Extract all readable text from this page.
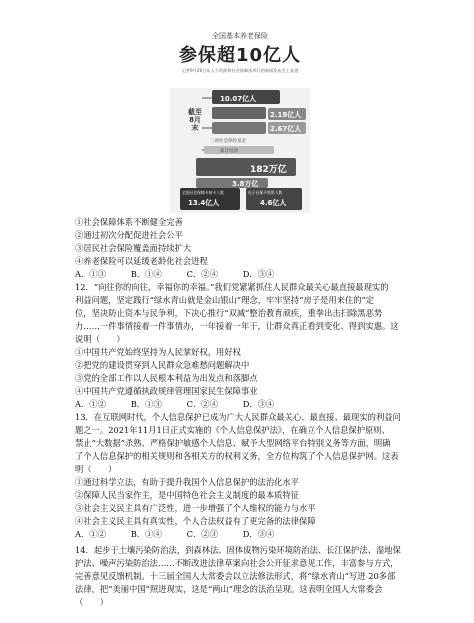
全国基本养老保险
参保超10亿人
记者9月26日从人力资源和社会保障部举行的新闻发布会上获悉
截至8月末
10.07亿人
2.18亿人
2.67亿人
三项社会保险基金
累计结余
182万亿
3.8万亿
全国社会保障卡持卡人数
13.4亿人
电子社保卡领用人数
4.6亿人
①社会保障体系不断健全完善
②通过初次分配促进社会公平
③居民社会保险覆盖面持续扩大
④养老保险可以延缓老龄化社会进程
A．①③　　　B．①④　　　C．②④　　　D．③④
12．“向往你的向往，幸福你的幸福。”我们党紧紧抓住人民群众最关心最直接最现实的
利益问题，坚定践行“绿水青山就是金山银山”理念，牢牢坚持“房子是用来住的”定
位，坚决防止资本与民争利，下决心推行“双减”整治教育顽疾，重拳出击扫除黑恶势
力……一件事情接着一件事情办，一年接着一年干，让群众真正看到变化、得到实惠。这
说明（　　）
①中国共产党始终坚持为人民掌好权，用好权
②把党的建设贯穿到人民群众急难愁问题解决中
③党的全部工作以人民根本利益为出发点和落脚点
④中国共产党遵循执政规律管理国家民生保障事业
A．①②　　　B．①③　　　C．②④　　　D．③④
13．在互联网时代，个人信息保护已成为广大人民群众最关心、最直接、最现实的利益问
题之一。2021年11月1日正式实施的《个人信息保护法》，在确立个人信息保护原则、
禁止“大数据”杀熟、严格保护敏感个人信息、赋予大型网络平台特别义务等方面，明确
了个人信息保护的相关规则和各相关方的权利义务，全方位构筑了个人信息保护网。这表
明（　　）
①通过科学立法，有助于提升我国个人信息保护的法治化水平
②保障人民当家作主，是中国特色社会主义制度的最本质特征
③社会主义民主具有广泛性，进一步增强了个人维权的能力与水平
④社会主义民主具有真实性，个人合法权益有了更完备的法律保障
A．①②　　　B．①④　　　C．②③　　　D．③④
14．起步于土壤污染防治法，到森林法、固体废物污染环境防治法、长江保护法、湿地保
护法、噪声污染防治法……不断改进法律草案向社会公开征求意见工作，丰富参与方式，
完善意见反馈机制。十三届全国人大常委会以立法修法形式，将“绿水青山”写进 20多部
法律，把“美丽中国”照进现实，这是“两山”理念的法治呈现。这表明全国人大常委会
（　　）
